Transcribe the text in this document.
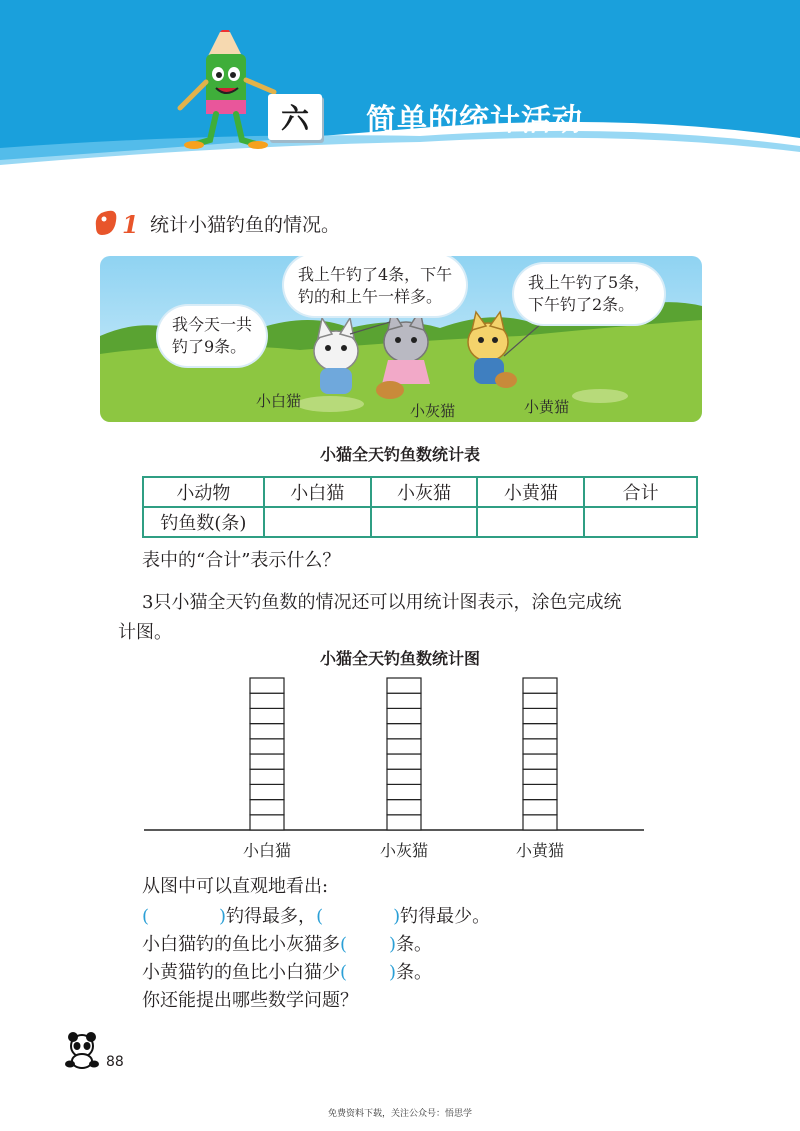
六	简单的统计活动
1 统计小猫钓鱼的情况。
我今天一共
钓了9条。
我上午钓了4条，下午
钓的和上午一样多。
我上午钓了5条，
下午钓了2条。
小白猫
小灰猫	小黄猫
小猫全天钓鱼数统计表
小动物	小白猫	小灰猫	小黄猫	合计
钓鱼数(条)				
表中的“合计”表示什么？
3只小猫全天钓鱼数的情况还可以用统计图表示，涂色完成统
计图。
小猫全天钓鱼数统计图
小白猫	小灰猫	小黄猫
从图中可以直观地看出:
(	)钓得最多，(	)钓得最少。
小白猫钓的鱼比小灰猫多( )条。
小黄猫钓的鱼比小白猫少( )条。
你还能提出哪些数学问题？
88
免费资料下载，关注公众号：悟思学
